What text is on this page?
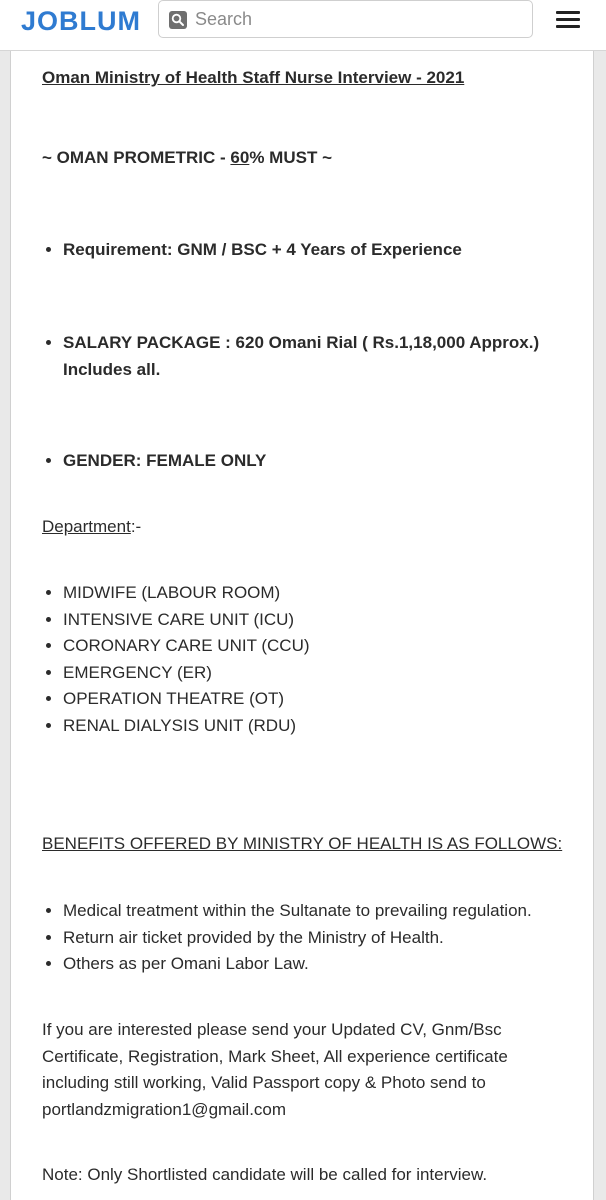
JOBLUM
Search
Oman Ministry of Health Staff Nurse Interview - 2021
~ OMAN PROMETRIC - 60% MUST ~
• Requirement: GNM / BSC + 4 Years of Experience
• SALARY PACKAGE : 620 Omani Rial ( Rs.1,18,000 Approx.)
Includes all.
• GENDER: FEMALE ONLY
Department:-
• MIDWIFE (LABOUR ROOM)
• INTENSIVE CARE UNIT (ICU)
• CORONARY CARE UNIT (CCU)
• EMERGENCY (ER)
• OPERATION THEATRE (OT)
• RENAL DIALYSIS UNIT (RDU)
BENEFITS OFFERED BY MINISTRY OF HEALTH IS AS FOLLOWS:
• Medical treatment within the Sultanate to prevailing regulation.
• Return air ticket provided by the Ministry of Health.
• Others as per Omani Labor Law.
If you are interested please send your Updated CV, Gnm/Bsc Certificate, Registration, Mark Sheet, All experience certificate including still working, Valid Passport copy & Photo send to portlandzmigration1@gmail.com
Note: Only Shortlisted candidate will be called for interview.
